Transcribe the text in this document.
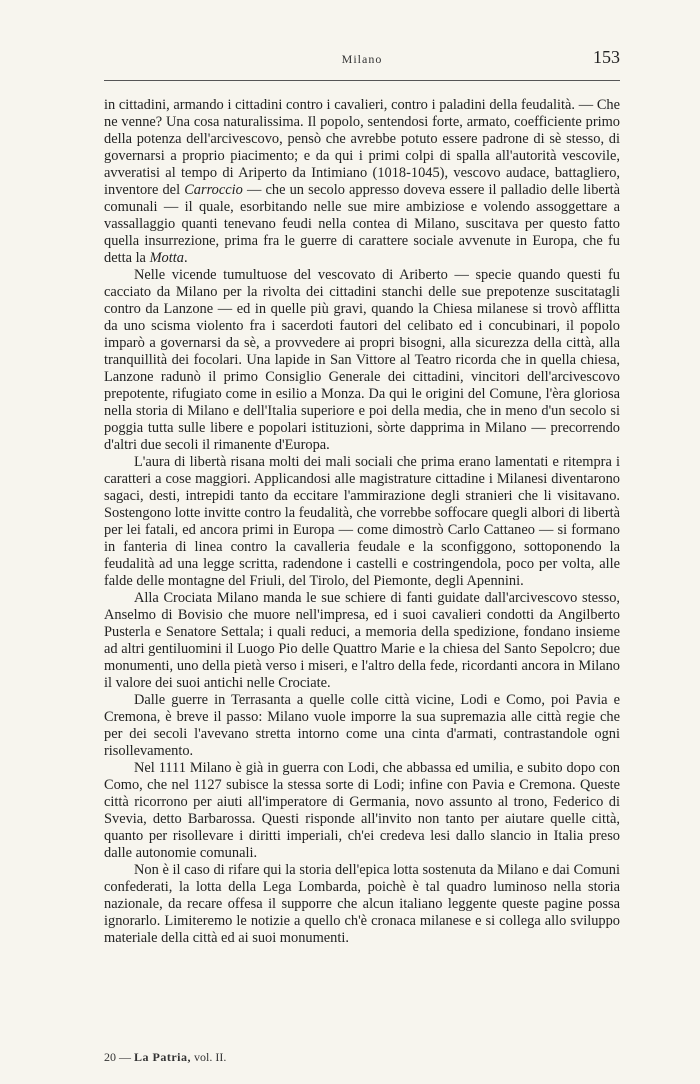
Milano	153

in cittadini, armando i cittadini contro i cavalieri, contro i paladini della feudalità. — Che ne venne? Una cosa naturalissima. Il popolo, sentendosi forte, armato, coefficiente primo della potenza dell'arcivescovo, pensò che avrebbe potuto essere padrone di sè stesso, di governarsi a proprio piacimento; e da qui i primi colpi di spalla all'autorità vescovile, avveratisi al tempo di Ariperto da Intimiano (1018-1045), vescovo audace, battagliero, inventore del Carroccio — che un secolo appresso doveva essere il palladio delle libertà comunali — il quale, esorbitando nelle sue mire ambiziose e volendo assoggettare a vassallaggio quanti tenevano feudi nella contea di Milano, suscitava per questo fatto quella insurrezione, prima fra le guerre di carattere sociale avvenute in Europa, che fu detta la Motta.

Nelle vicende tumultuose del vescovato di Ariberto — specie quando questi fu cacciato da Milano per la rivolta dei cittadini stanchi delle sue prepotenze suscitatagli contro da Lanzone — ed in quelle più gravi, quando la Chiesa milanese si trovò afflitta da uno scisma violento fra i sacerdoti fautori del celibato ed i concubinari, il popolo imparò a governarsi da sè, a provvedere ai propri bisogni, alla sicurezza della città, alla tranquillità dei focolari. Una lapide in San Vittore al Teatro ricorda che in quella chiesa, Lanzone radunò il primo Consiglio Generale dei cittadini, vincitori dell'arcivescovo prepotente, rifugiato come in esilio a Monza. Da qui le origini del Comune, l'èra gloriosa nella storia di Milano e dell'Italia superiore e poi della media, che in meno d'un secolo si poggia tutta sulle libere e popolari istituzioni, sòrte dapprima in Milano — precorrendo d'altri due secoli il rimanente d'Europa.

L'aura di libertà risana molti dei mali sociali che prima erano lamentati e ritempra i caratteri a cose maggiori. Applicandosi alle magistrature cittadine i Milanesi diventarono sagaci, desti, intrepidi tanto da eccitare l'ammirazione degli stranieri che li visitavano. Sostengono lotte invitte contro la feudalità, che vorrebbe soffocare quegli albori di libertà per lei fatali, ed ancora primi in Europa — come dimostrò Carlo Cattaneo — si formano in fanteria di linea contro la cavalleria feudale e la sconfiggono, sottoponendo la feudalità ad una legge scritta, radendone i castelli e costringendola, poco per volta, alle falde delle montagne del Friuli, del Tirolo, del Piemonte, degli Apennini.

Alla Crociata Milano manda le sue schiere di fanti guidate dall'arcivescovo stesso, Anselmo di Bovisio che muore nell'impresa, ed i suoi cavalieri condotti da Angilberto Pusterla e Senatore Settala; i quali reduci, a memoria della spedizione, fondano insieme ad altri gentiluomini il Luogo Pio delle Quattro Marie e la chiesa del Santo Sepolcro; due monumenti, uno della pietà verso i miseri, e l'altro della fede, ricordanti ancora in Milano il valore dei suoi antichi nelle Crociate.

Dalle guerre in Terrasanta a quelle colle città vicine, Lodi e Como, poi Pavia e Cremona, è breve il passo: Milano vuole imporre la sua supremazia alle città regie che per dei secoli l'avevano stretta intorno come una cinta d'armati, contrastandole ogni risollevamento.

Nel 1111 Milano è già in guerra con Lodi, che abbassa ed umilia, e subito dopo con Como, che nel 1127 subisce la stessa sorte di Lodi; infine con Pavia e Cremona. Queste città ricorrono per aiuti all'imperatore di Germania, novo assunto al trono, Federico di Svevia, detto Barbarossa. Questi risponde all'invito non tanto per aiutare quelle città, quanto per risollevare i diritti imperiali, ch'ei credeva lesi dallo slancio in Italia preso dalle autonomie comunali.

Non è il caso di rifare qui la storia dell'epica lotta sostenuta da Milano e dai Comuni confederati, la lotta della Lega Lombarda, poichè è tal quadro luminoso nella storia nazionale, da recare offesa il supporre che alcun italiano leggente queste pagine possa ignorarlo. Limiteremo le notizie a quello ch'è cronaca milanese e si collega allo sviluppo materiale della città ed ai suoi monumenti.

20 — La Patria, vol. II.
